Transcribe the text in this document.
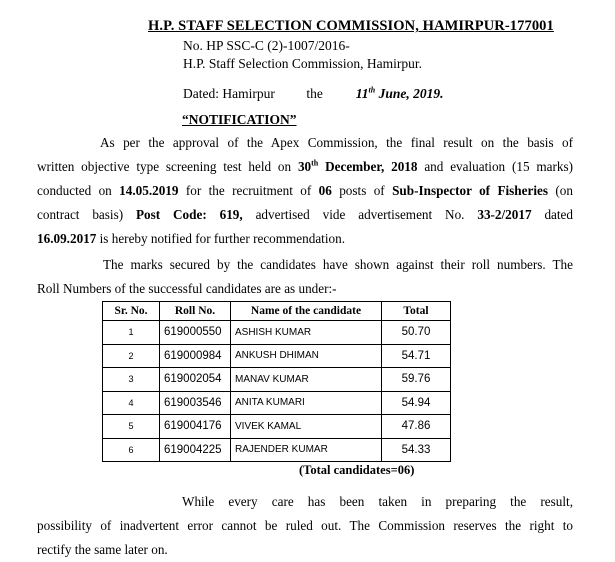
H.P. STAFF SELECTION COMMISSION, HAMIRPUR-177001
No. HP SSC-C (2)-1007/2016-
H.P. Staff Selection Commission, Hamirpur.
Dated: Hamirpur the 11th June, 2019.
“NOTIFICATION”
As per the approval of the Apex Commission, the final result on the basis of
written objective type screening test held on 30th December, 2018 and evaluation (15 marks)
conducted on 14.05.2019 for the recruitment of 06 posts of Sub-Inspector of Fisheries (on
contract basis) Post Code: 619, advertised vide advertisement No. 33-2/2017 dated
16.09.2017 is hereby notified for further recommendation.
The marks secured by the candidates have shown against their roll numbers. The
Roll Numbers of the successful candidates are as under:-
Sr. No.	Roll No.	Name of the candidate	Total
1	619000550	ASHISH KUMAR	50.70
2	619000984	ANKUSH DHIMAN	54.71
3	619002054	MANAV KUMAR	59.76
4	619003546	ANITA KUMARI	54.94
5	619004176	VIVEK KAMAL	47.86
6	619004225	RAJENDER KUMAR	54.33
(Total candidates=06)
While every care has been taken in preparing the result,
possibility of inadvertent error cannot be ruled out. The Commission reserves the right to
rectify the same later on.
